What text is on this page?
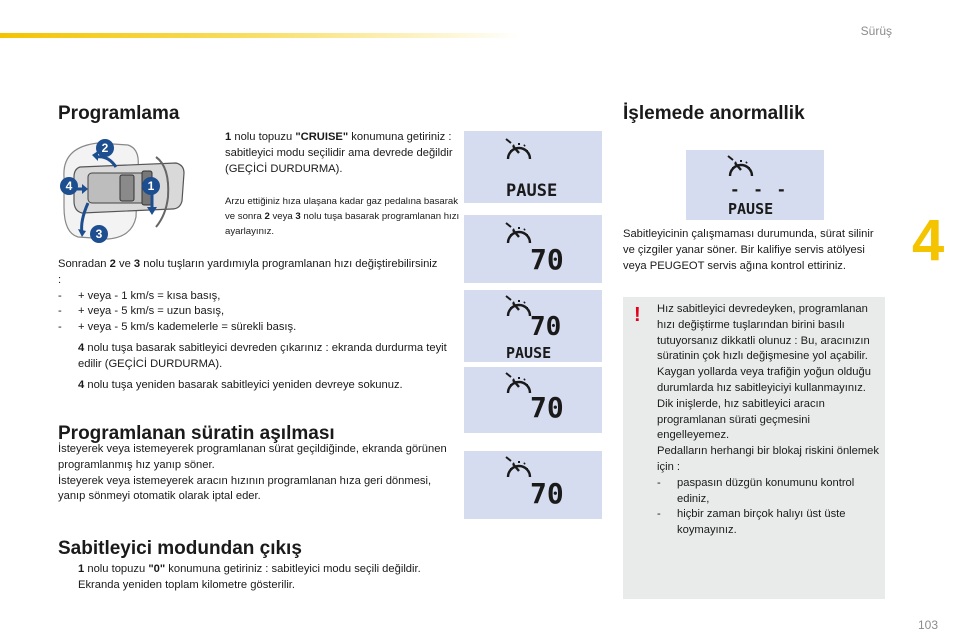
Sürüş
4
103
Programlama
2
4	1
3
1 nolu topuzu "CRUISE" konumuna getiriniz : sabitleyici modu seçilidir ama devrede değildir (GEÇİCİ DURDURMA).
Arzu ettiğiniz hıza ulaşana kadar gaz pedalına basarak ve sonra 2 veya 3 nolu tuşa basarak programlanan hızı ayarlayınız.

Sonradan 2 ve 3 nolu tuşların yardımıyla programlanan hızı değiştirebilirsiniz :

-	+ veya - 1 km/s = kısa basış,
-	+ veya - 5 km/s = uzun basış,
-	+ veya - 5 km/s kademelerle = sürekli basış.
4 nolu tuşa basarak sabitleyici devreden çıkarınız : ekranda durdurma teyit edilir (GEÇİCİ DURDURMA).
4 nolu tuşa yeniden basarak sabitleyici yeniden devreye sokunuz.
PAUSE
70
70
PAUSE
70
70
Programlanan süratin aşılması

İsteyerek veya istemeyerek programlanan sürat geçildiğinde, ekranda görünen programlanmış hız yanıp söner.

İsteyerek veya istemeyerek aracın hızının programlanan hıza geri dönmesi, yanıp sönmeyi otomatik olarak iptal eder.

Sabitleyici modundan çıkış
1 nolu topuzu "0" konumuna getiriniz : sabitleyici modu seçili değildir. Ekranda yeniden toplam kilometre gösterilir.
İşlemede anormallik
- - -
PAUSE
Sabitleyicinin çalışmaması durumunda, sürat silinir ve çizgiler yanar söner. Bir kalifiye servis atölyesi veya PEUGEOT servis ağına kontrol ettiriniz.
! Hız sabitleyici devredeyken, programlanan hızı değiştirme tuşlarından birini basılı tutuyorsanız dikkatli olunuz : Bu, aracınızın süratinin çok hızlı değişmesine yol açabilir.

Kaygan yollarda veya trafiğin yoğun olduğu durumlarda hız sabitleyiciyi kullanmayınız.

Dik inişlerde, hız sabitleyici aracın programlanan sürati geçmesini engelleyemez.

Pedalların herhangi bir blokaj riskini önlemek için :

-	paspasın düzgün konumunu kontrol ediniz,
-	hiçbir zaman birçok halıyı üst üste koymayınız.
